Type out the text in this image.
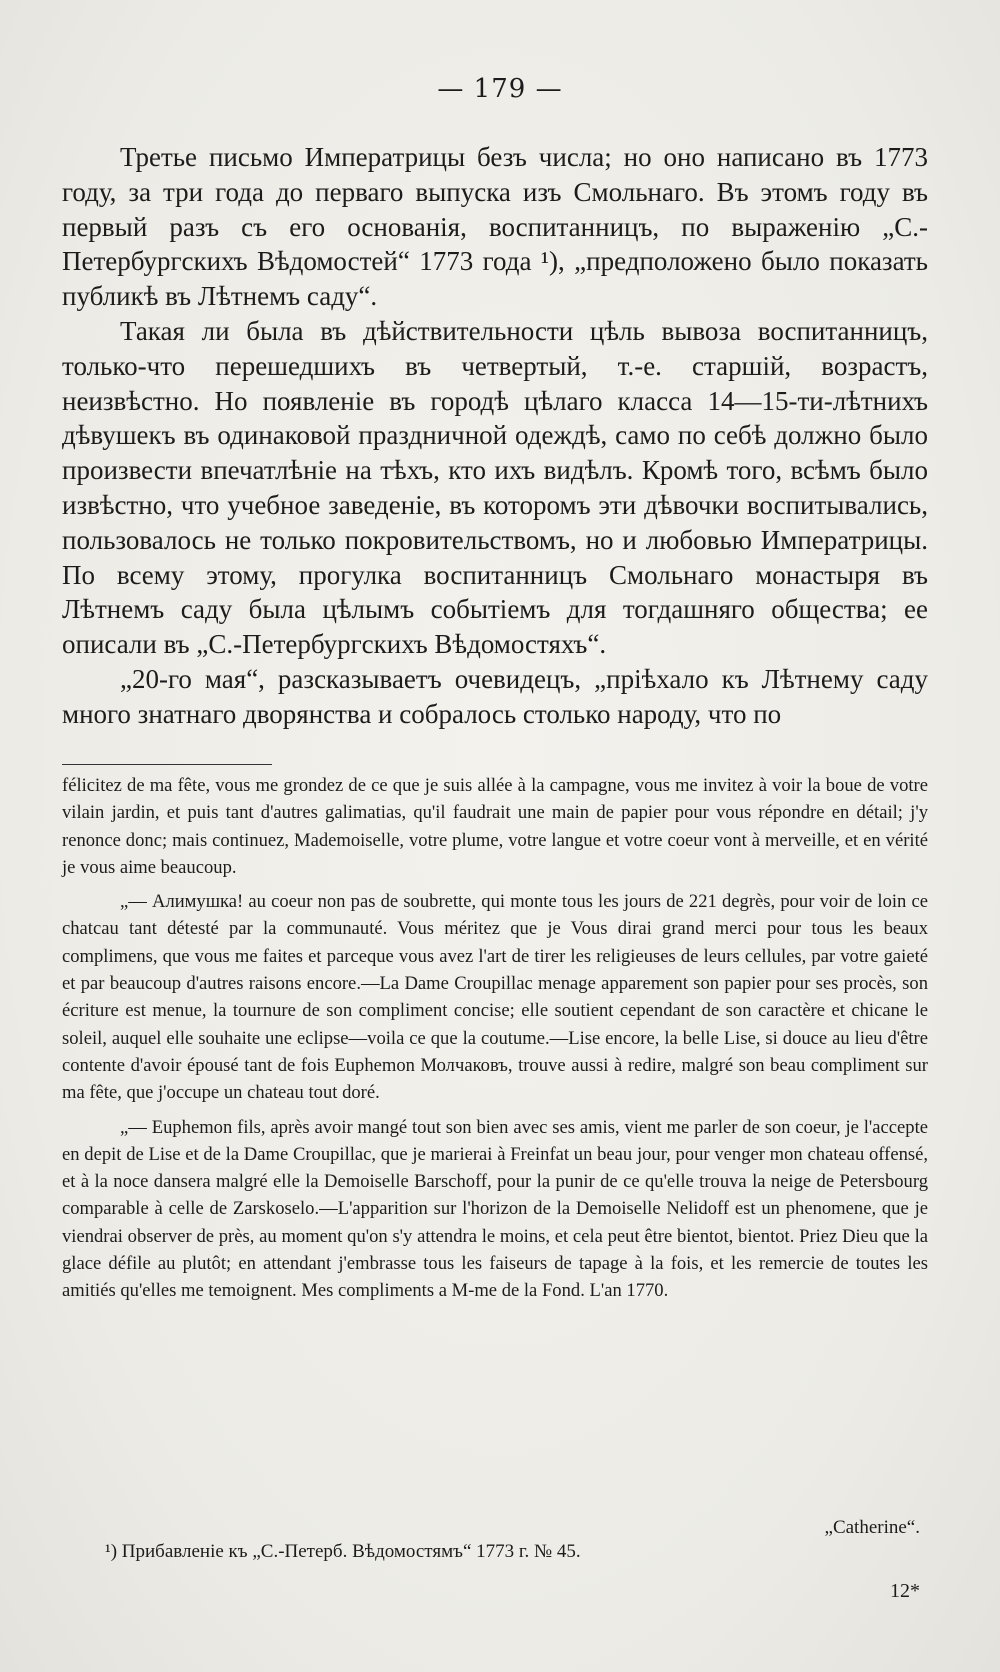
— 179 —

Третье письмо Императрицы безъ числа; но оно написано въ 1773 году, за три года до перваго выпуска изъ Смольнаго. Въ этомъ году въ первый разъ съ его основанія, воспитанницъ, по выраженію „С.-Петербургскихъ Вѣдомостей“ 1773 года ¹), „предположено было показать публикѣ въ Лѣтнемъ саду“.

Такая ли была въ дѣйствительности цѣль вывоза воспитанницъ, только-что перешедшихъ въ четвертый, т.-е. старшій, возрастъ, неизвѣстно. Но появленіе въ городѣ цѣлаго класса 14—15-ти-лѣтнихъ дѣвушекъ въ одинаковой праздничной одеждѣ, само по себѣ должно было произвести впечатлѣніе на тѣхъ, кто ихъ видѣлъ. Кромѣ того, всѣмъ было извѣстно, что учебное заведеніе, въ которомъ эти дѣвочки воспитывались, пользовалось не только покровительствомъ, но и любовью Императрицы. По всему этому, прогулка воспитанницъ Смольнаго монастыря въ Лѣтнемъ саду была цѣлымъ событіемъ для тогдашняго общества; ее описали въ „С.-Петербургскихъ Вѣдомостяхъ“.

„20-го мая“, разсказываетъ очевидецъ, „пріѣхало къ Лѣтнему саду много знатнаго дворянства и собралось столько народу, что по

félicitez de ma fête, vous me grondez de ce que je suis allée à la campagne, vous me invitez à voir la boue de votre vilain jardin, et puis tant d'autres galimatias, qu'il faudrait une main de papier pour vous répondre en détail; j'y renonce donc; mais continuez, Mademoiselle, votre plume, votre langue et votre coeur vont à merveille, et en vérité je vous aime beaucoup.

„— Алимушка! au coeur non pas de soubrette, qui monte tous les jours de 221 degrès, pour voir de loin ce chatcau tant détesté par la communauté. Vous méritez que je Vous dirai grand merci pour tous les beaux complimens, que vous me faites et parceque vous avez l'art de tirer les religieuses de leurs cellules, par votre gaieté et par beaucoup d'autres raisons encore.—La Dame Croupillac menage apparement son papier pour ses procès, son écriture est menue, la tournure de son compliment concise; elle soutient cependant de son caractère et chicane le soleil, auquel elle souhaite une eclipse—voila ce que la coutume.—Lise encore, la belle Lise, si douce au lieu d'être contente d'avoir épousé tant de fois Euphemon Молчаковъ, trouve aussi à redire, malgré son beau compliment sur ma fête, que j'occupe un chateau tout doré.

„— Euphemon fils, après avoir mangé tout son bien avec ses amis, vient me parler de son coeur, je l'accepte en depit de Lise et de la Dame Croupillac, que je marierai à Freinfat un beau jour, pour venger mon chateau offensé, et à la noce dansera malgré elle la Demoiselle Barschoff, pour la punir de ce qu'elle trouva la neige de Petersbourg comparable à celle de Zarskoselo.—L'apparition sur l'horizon de la Demoiselle Nelidoff est un phenomene, que je viendrai observer de près, au moment qu'on s'y attendra le moins, et cela peut être bientot, bientot. Priez Dieu que la glace défile au plutôt; en attendant j'embrasse tous les faiseurs de tapage à la fois, et les remercie de toutes les amitiés qu'elles me temoignent. Mes compliments a M-me de la Fond. L'an 1770.

„Catherine“.
¹) Прибавленіе къ „С.-Петерб. Вѣдомостямъ“ 1773 г. № 45.
12*
